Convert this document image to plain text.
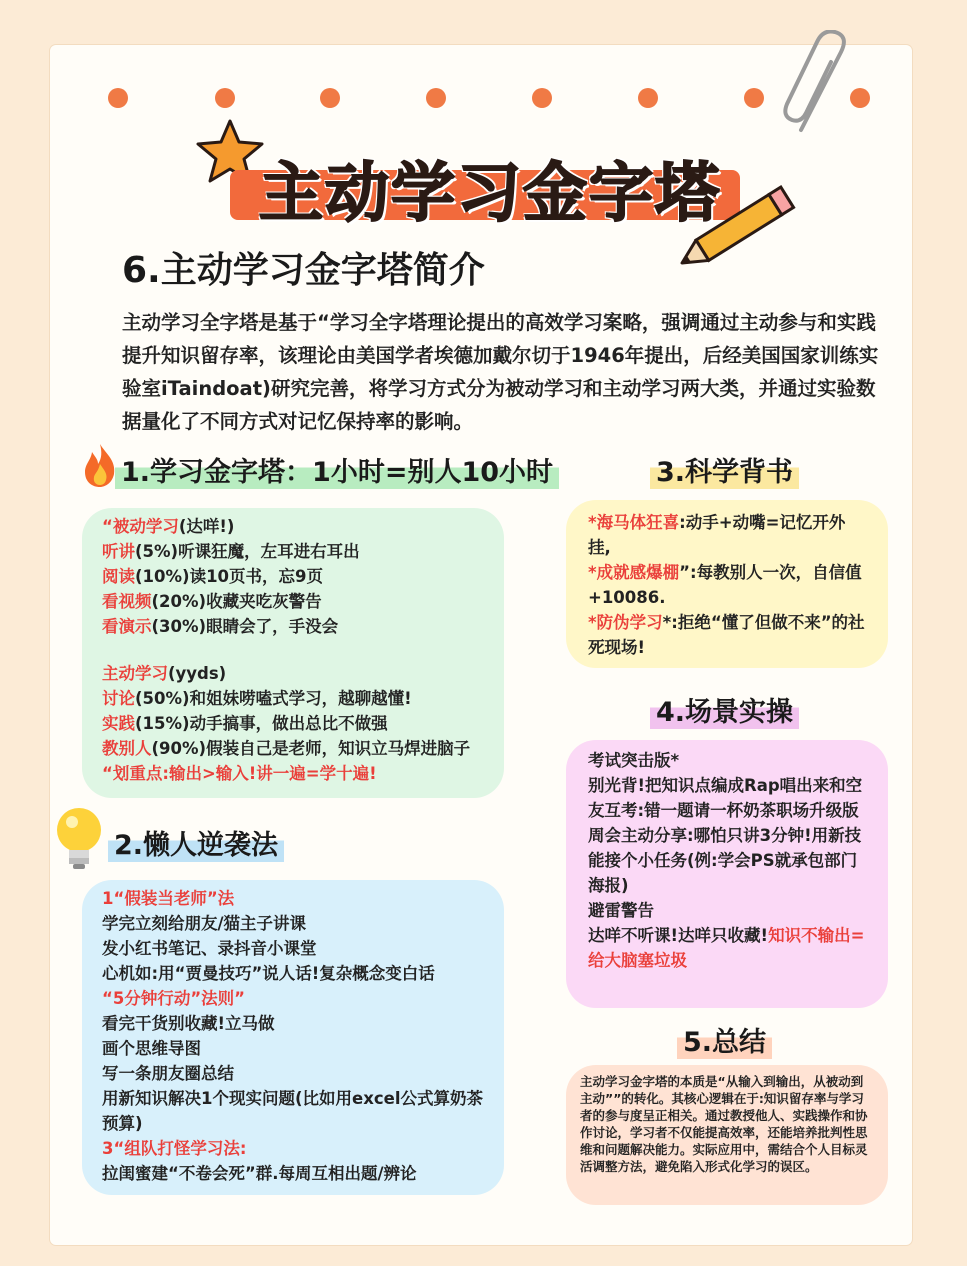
主动学习金字塔
6.主动学习金字塔简介
主动学习全字塔是基于“学习全字塔理论提出的高效学习案略，强调通过主动参与和实践提升知识留存率，该理论由美国学者埃德加戴尔切于1946年提出，后经美国国家训练实验室iTaindoat)研究完善，将学习方式分为被动学习和主动学习两大类，并通过实验数据量化了不同方式对记忆保持率的影响。
1.学习金字塔：1小时=别人10小时
“被动学习(达咩!)
听讲(5%)听课狂魔，左耳进右耳出
阅读(10%)读10页书，忘9页
看视频(20%)收藏夹吃灰警告
看演示(30%)眼睛会了，手没会
主动学习(yyds)
讨论(50%)和姐妹唠嗑式学习，越聊越懂!
实践(15%)动手搞事，做出总比不做强
教别人(90%)假装自己是老师，知识立马焊进脑子
“划重点:输出>输入!讲一遍=学十遍!
2.懒人逆袭法
1“假装当老师”法
学完立刻给朋友/猫主子讲课
发小红书笔记、录抖音小课堂
心机如:用“贾曼技巧”说人话!复杂概念变白话
“5分钟行动”法则”
看完干货别收藏!立马做
画个思维导图
写一条朋友圈总结
用新知识解决1个现实问题(比如用excel公式算奶茶预算)
3“组队打怪学习法:
拉闺蜜建“不卷会死”群.每周互相出题/辨论
3.科学背书
*海马体狂喜:动手+动嘴=记忆开外挂,
*成就感爆棚”:每教别人一次，自信值+10086.
*防伪学习*:拒绝“懂了但做不来”的社死现场!
4.场景实操
考试突击版*
别光背!把知识点编成Rap唱出来和空友互考:错一题请一杯奶茶职场升级版
周会主动分享:哪怕只讲3分钟!用新技能接个小任务(例:学会PS就承包部门海报)
避雷警告
达咩不听课!达咩只收藏!知识不输出=给大脑塞垃圾
5.总结
主动学习金字塔的本质是“从输入到输出，从被动到主动””的转化。其核心逻辑在于:知识留存率与学习者的参与度呈正相关。通过教授他人、实践操作和协作讨论，学习者不仅能提高效率，还能培养批判性思维和问题解决能力。实际应用中，需结合个人目标灵活调整方法，避免陷入形式化学习的误区。
